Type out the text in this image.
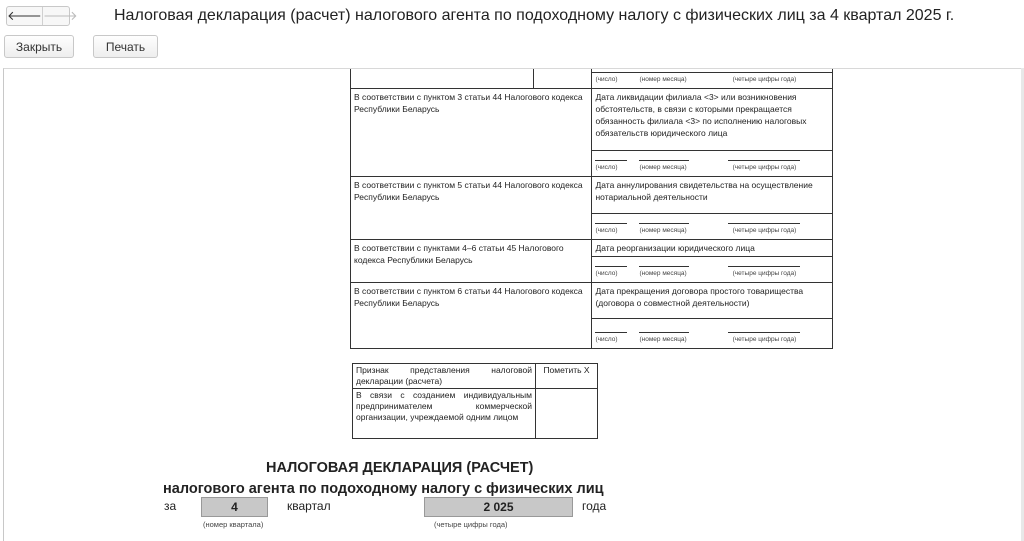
🡐 🡒 Налоговая декларация (расчет) налогового агента по подоходному налогу с физических лиц за 4 квартал 2025 г.
Закрыть	Печать

		(число) (номер месяца) (четыре цифры года)

В соответствии с пунктом 3 статьи 44 Налогового кодекса Республики Беларусь		Дата ликвидации филиала <3> или возникновения обстоятельств, в связи с которыми прекращается обязанность филиала <3> по исполнению налоговых обязательств юридического лица

		(число) (номер месяца) (четыре цифры года)

В соответствии с пунктом 5 статьи 44 Налогового кодекса Республики Беларусь		Дата аннулирования свидетельства на осуществление нотариальной деятельности

		(число) (номер месяца) (четыре цифры года)

В соответствии с пунктами 4–6 статьи 45 Налогового кодекса Республики Беларусь		Дата реорганизации юридического лица

		(число) (номер месяца) (четыре цифры года)

В соответствии с пунктом 6 статьи 44 Налогового кодекса Республики Беларусь		Дата прекращения договора простого товарищества (договора о совместной деятельности)

		(число) (номер месяца) (четыре цифры года)
Признак представления налоговой декларации (расчета)	Пометить X
В связи с созданием индивидуальным предпринимателем коммерческой организации, учреждаемой одним лицом	
НАЛОГОВАЯ ДЕКЛАРАЦИЯ (РАСЧЕТ)
налогового агента по подоходному налогу с физических лиц
за	4	квартал
(номер квартала)
2 025	года
(четыре цифры года)
